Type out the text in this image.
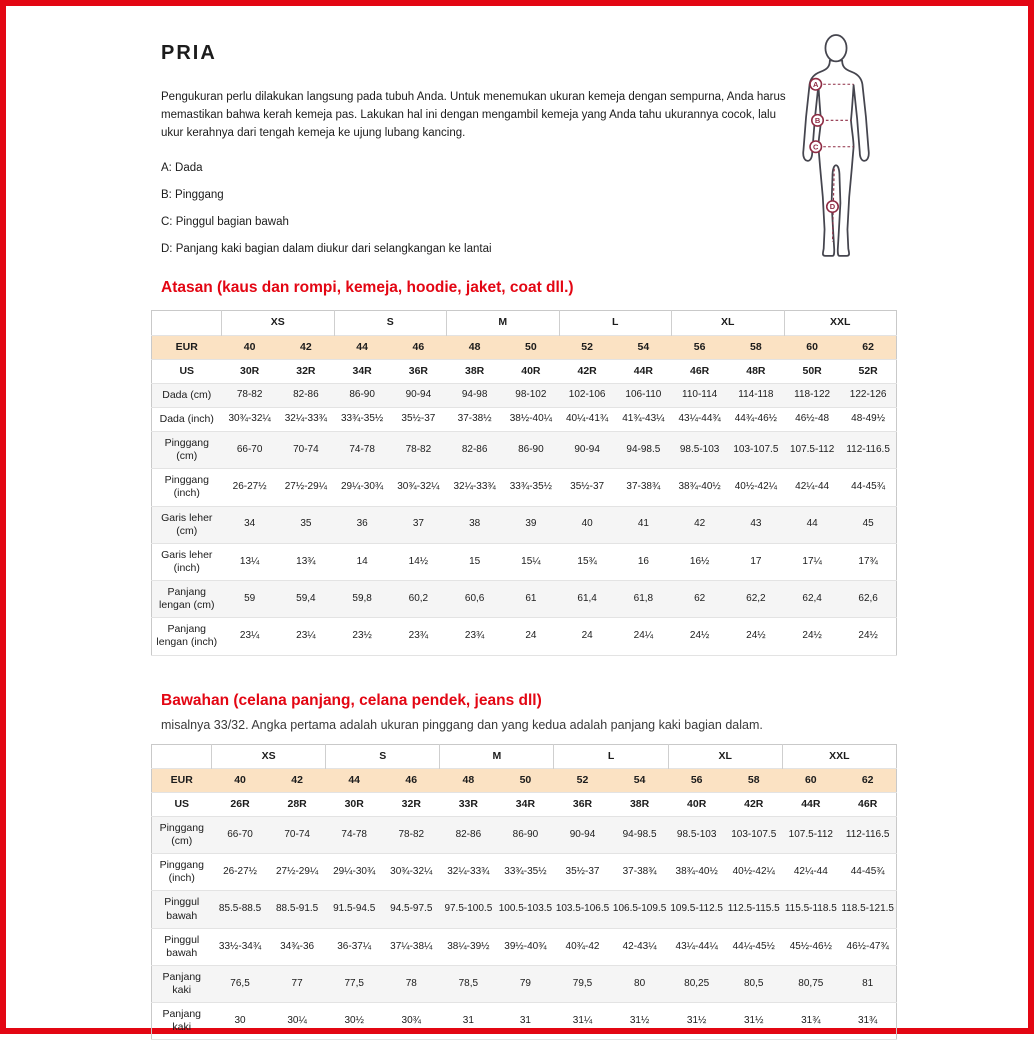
PRIA

Pengukuran perlu dilakukan langsung pada tubuh Anda. Untuk menemukan ukuran kemeja dengan sempurna, Anda harus memastikan bahwa kerah kemeja pas. Lakukan hal ini dengan mengambil kemeja yang Anda tahu ukurannya cocok, lalu ukur kerahnya dari tengah kemeja ke ujung lubang kancing.

A: Dada
B: Pinggang
C: Pinggul bagian bawah
D: Panjang kaki bagian dalam diukur dari selangkangan ke lantai
Atasan (kaus dan rompi, kemeja, hoodie, jaket, coat dll.)
	XS		S		M		L		XL		XXL	
EUR	40	42	44	46	48	50	52	54	56	58	60	62
US	30R	32R	34R	36R	38R	40R	42R	44R	46R	48R	50R	52R
Dada (cm)	78-82	82-86	86-90	90-94	94-98	98-102	102-106	106-110	110-114	114-118	118-122	122-126
Dada (inch)	30¾-32¼	32¼-33¾	33¾-35½	35½-37	37-38½	38½-40¼	40¼-41¾	41¾-43¼	43¼-44¾	44¾-46½	46½-48	48-49½
Pinggang (cm)	66-70	70-74	74-78	78-82	82-86	86-90	90-94	94-98.5	98.5-103	103-107.5	107.5-112	112-116.5
Pinggang (inch)	26-27½	27½-29¼	29¼-30¾	30¾-32¼	32¼-33¾	33¾-35½	35½-37	37-38¾	38¾-40½	40½-42¼	42¼-44	44-45¾
Garis leher (cm)	34	35	36	37	38	39	40	41	42	43	44	45
Garis leher (inch)	13¼	13¾	14	14½	15	15¼	15¾	16	16½	17	17¼	17¾
Panjang lengan (cm)	59	59,4	59,8	60,2	60,6	61	61,4	61,8	62	62,2	62,4	62,6
Panjang lengan (inch)	23¼	23¼	23½	23¾	23¾	24	24	24¼	24½	24½	24½	24½
Bawahan (celana panjang, celana pendek, jeans dll)

misalnya 33/32. Angka pertama adalah ukuran pinggang dan yang kedua adalah panjang kaki bagian dalam.

	XS		S		M		L		XL		XXL	
EUR	40	42	44	46	48	50	52	54	56	58	60	62
US	26R	28R	30R	32R	33R	34R	36R	38R	40R	42R	44R	46R
Pinggang (cm)	66-70	70-74	74-78	78-82	82-86	86-90	90-94	94-98.5	98.5-103	103-107.5	107.5-112	112-116.5
Pinggang (inch)	26-27½	27½-29¼	29¼-30¾	30¾-32¼	32¼-33¾	33¾-35½	35½-37	37-38¾	38¾-40½	40½-42¼	42¼-44	44-45¾
Pinggul bawah	85.5-88.5	88.5-91.5	91.5-94.5	94.5-97.5	97.5-100.5	100.5-103.5	103.5-106.5	106.5-109.5	109.5-112.5	112.5-115.5	115.5-118.5	118.5-121.5
Pinggul bawah	33½-34¾	34¾-36	36-37¼	37¼-38¼	38¼-39½	39½-40¾	40¾-42	42-43¼	43¼-44¼	44¼-45½	45½-46½	46½-47¾
Panjang kaki	76,5	77	77,5	78	78,5	79	79,5	80	80,25	80,5	80,75	81
Panjang kaki	30	30¼	30½	30¾	31	31	31¼	31½	31½	31½	31¾	31¾
A
B
C
D
